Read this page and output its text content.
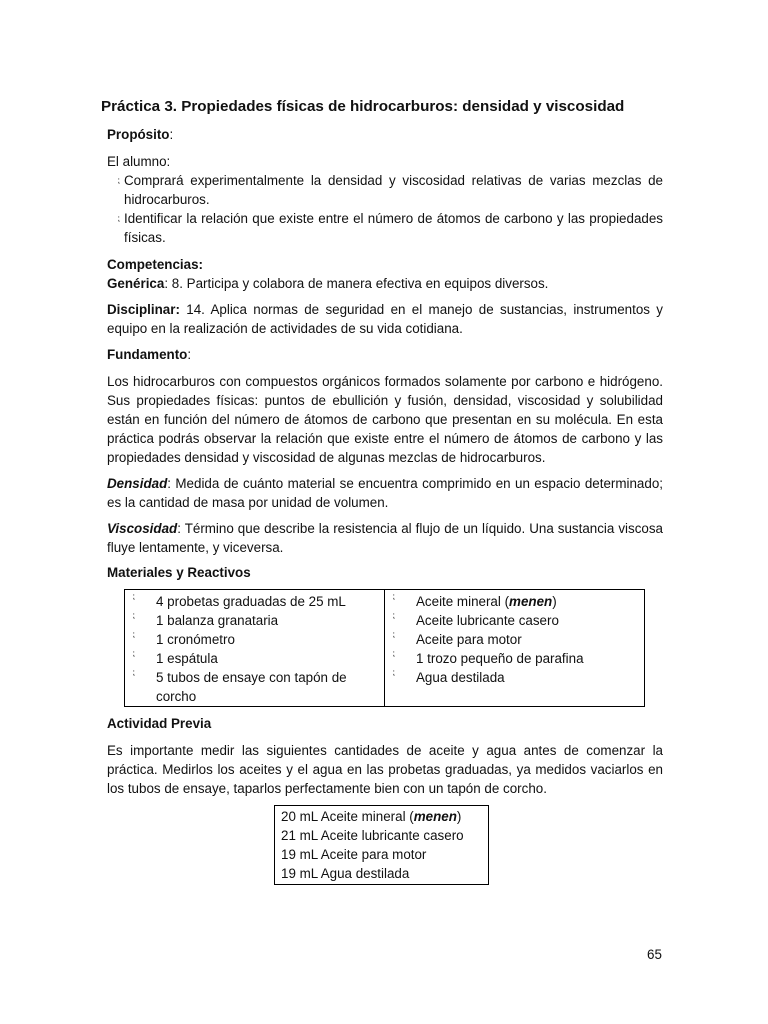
Práctica 3. Propiedades físicas de hidrocarburos: densidad y viscosidad

Propósito:

El alumno:

⁏ Comprará experimentalmente la densidad y viscosidad relativas de varias mezclas de hidrocarburos.
⁏ Identificar la relación que existe entre el número de átomos de carbono y las propiedades físicas.

Competencias:

Genérica: 8. Participa y colabora de manera efectiva en equipos diversos.

Disciplinar: 14. Aplica normas de seguridad en el manejo de sustancias, instrumentos y equipo en la realización de actividades de su vida cotidiana.

Fundamento:

Los hidrocarburos con compuestos orgánicos formados solamente por carbono e hidrógeno. Sus propiedades físicas: puntos de ebullición y fusión, densidad, viscosidad y solubilidad están en función del número de átomos de carbono que presentan en su molécula. En esta práctica podrás observar la relación que existe entre el número de átomos de carbono y las propiedades densidad y viscosidad de algunas mezclas de hidrocarburos.

Densidad: Medida de cuánto material se encuentra comprimido en un espacio determinado; es la cantidad de masa por unidad de volumen.

Viscosidad: Término que describe la resistencia al flujo de un líquido. Una sustancia viscosa fluye lentamente, y viceversa.

Materiales y Reactivos

⁏ 4 probetas graduadas de 25 mL
⁏ 1 balanza granataria
⁏ 1 cronómetro
⁏ 1 espátula
⁏ 5 tubos de ensaye con tapón de corcho
⁏ Aceite mineral (menen)
⁏ Aceite lubricante casero
⁏ Aceite para motor
⁏ 1 trozo pequeño de parafina
⁏ Agua destilada

Actividad Previa

Es importante medir las siguientes cantidades de aceite y agua antes de comenzar la práctica. Medirlos los aceites y el agua en las probetas graduadas, ya medidos vaciarlos en los tubos de ensaye, taparlos perfectamente bien con un tapón de corcho.

20 mL Aceite mineral (menen)
21 mL Aceite lubricante casero
19 mL Aceite para motor
19 mL Agua destilada
65
